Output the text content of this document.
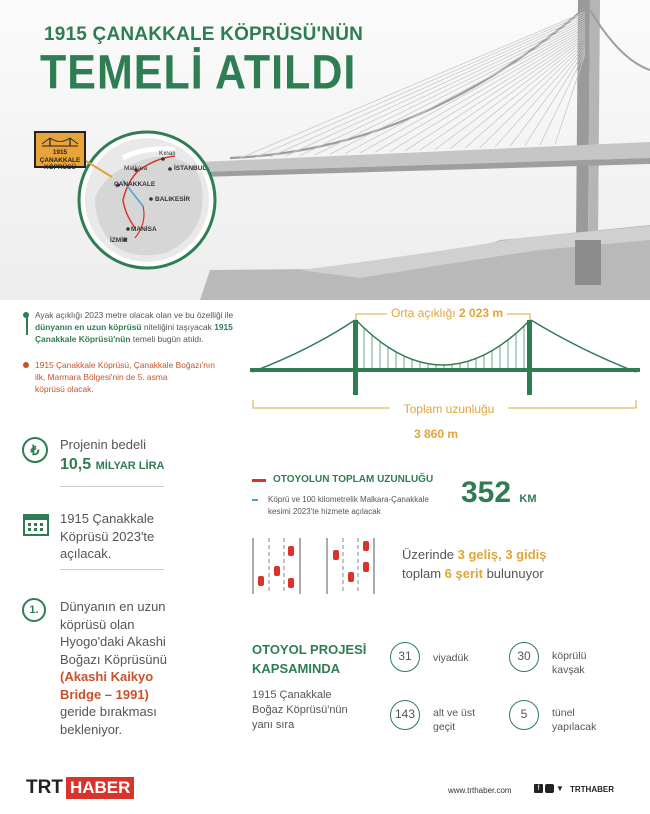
1915 ÇANAKKALE KÖPRÜSÜ'NÜN
TEMELİ ATILDI
Kınalı
Malkara	İSTANBUL
ÇANAKKALE
BALIKESİR
MANİSA
İZMİR
1915 ÇANAKKALE KÖPRÜSÜ
Ayak açıklığı 2023 metre olacak olan ve bu özelliği ile
dünyanın en uzun köprüsü niteliğini taşıyacak 1915
Çanakkale Köprüsü'nün temeli bugün atıldı.
1915 Çanakkale Köprüsü, Çanakkale Boğazı'nın
ilk, Marmara Bölgesi'nin de 5. asma
köprüsü olacak.
Orta açıklığı 2 023 m
Toplam uzunluğu
3 860 m
₺	Projenin bedeli
10,5 MİLYAR LİRA
1915 Çanakkale
Köprüsü 2023'te
açılacak.
1.	Dünyanın en uzun
köprüsü olan
Hyogo'daki Akashi
Boğazı Köprüsünü
(Akashi Kaikyo
Bridge – 1991)
geride bırakması
bekleniyor.
OTOYOLUN TOPLAM UZUNLUĞU
Köprü ve 100 kilometrelik Malkara-Çanakkale
kesimi 2023'te hizmete açılacak
352 KM
Üzerinde 3 geliş, 3 gidiş
toplam 6 şerit bulunuyor
OTOYOL PROJESİ
KAPSAMINDA
1915 Çanakkale
Boğaz Köprüsü'nün
yanı sıra
31	viyadük	30	köprülü
kavşak
143	alt ve üst
geçit
5	tünel
yapılacak
TRT HABER	www.trthaber.com	f	▼ TRTHABER
